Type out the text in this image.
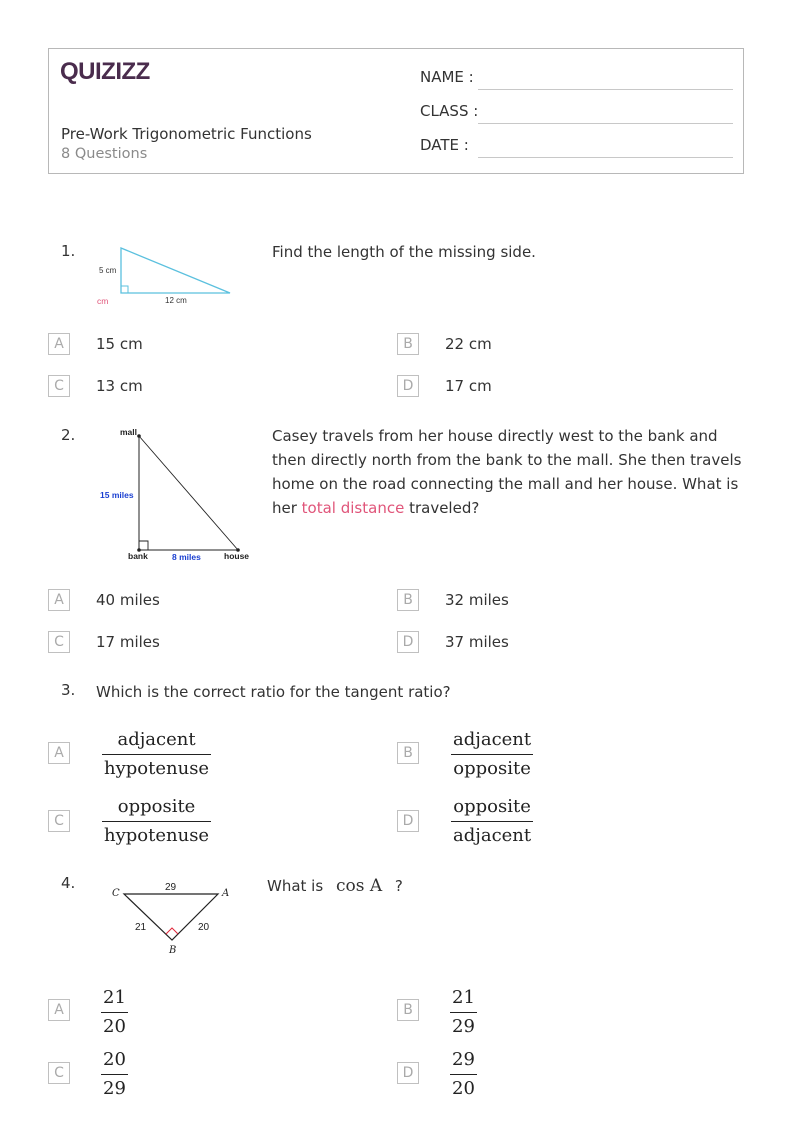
QUIZIZZ
Pre-Work Trigonometric Functions
8 Questions
NAME :
CLASS :
DATE :
1.
5 cm
12 cm
cm
Find the length of the missing side.
A	15 cm	B	22 cm
C	13 cm	D	17 cm
2.	mall
bank	house
15 miles
8 miles
Casey travels from her house directly west to the bank and then directly north from the bank to the mall. She then travels home on the road connecting the mall and her house. What is her total distance traveled?
A	40 miles	B	32 miles
C	17 miles	D	37 miles
3. Which is the correct ratio for the tangent ratio?
A
adjacent
hypotenuse
B
adjacent
opposite
C
opposite
hypotenuse
D
opposite
adjacent
4.
C	A
B
29
21	20
What is cos A ?
A	$\frac{21}{20}$	B	$\frac{21}{29}$
C	$\frac{20}{29}$	D	$\frac{29}{20}$
